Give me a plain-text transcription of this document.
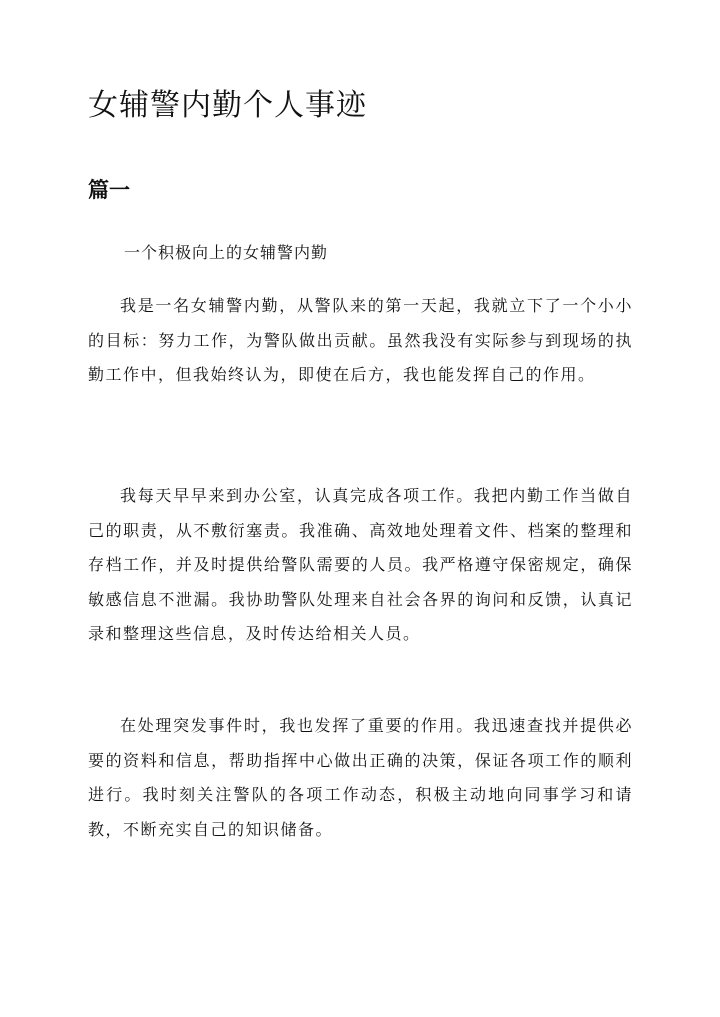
女辅警内勤个人事迹
篇一

一个积极向上的女辅警内勤

我是一名女辅警内勤，从警队来的第一天起，我就立下了一个小小的目标：努力工作，为警队做出贡献。虽然我没有实际参与到现场的执勤工作中，但我始终认为，即使在后方，我也能发挥自己的作用。

我每天早早来到办公室，认真完成各项工作。我把内勤工作当做自己的职责，从不敷衍塞责。我准确、高效地处理着文件、档案的整理和存档工作，并及时提供给警队需要的人员。我严格遵守保密规定，确保敏感信息不泄漏。我协助警队处理来自社会各界的询问和反馈，认真记录和整理这些信息，及时传达给相关人员。

在处理突发事件时，我也发挥了重要的作用。我迅速查找并提供必要的资料和信息，帮助指挥中心做出正确的决策，保证各项工作的顺利进行。我时刻关注警队的各项工作动态，积极主动地向同事学习和请教，不断充实自己的知识储备。
